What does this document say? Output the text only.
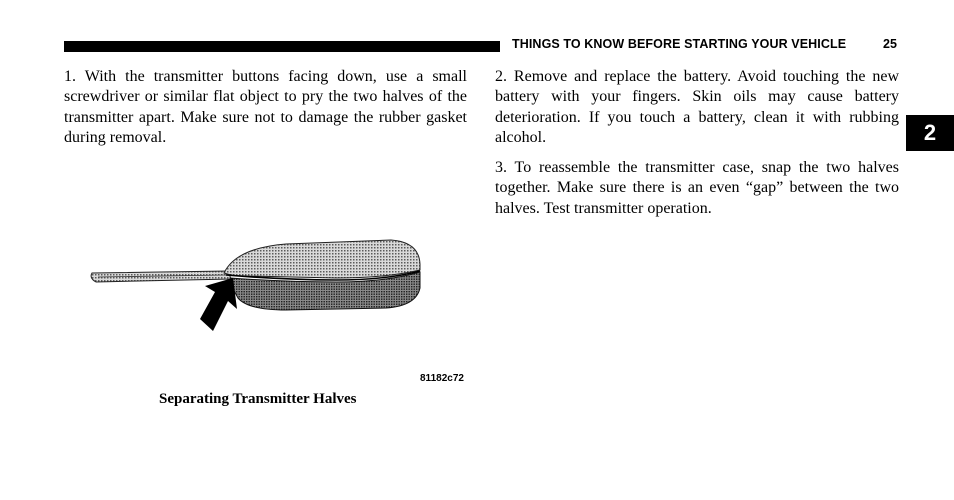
THINGS TO KNOW BEFORE STARTING YOUR VEHICLE	25
2

1. With the transmitter buttons facing down, use a small screwdriver or similar flat object to pry the two halves of the transmitter apart. Make sure not to damage the rubber gasket during removal.

2. Remove and replace the battery. Avoid touching the new battery with your fingers. Skin oils may cause battery deterioration. If you touch a battery, clean it with rubbing alcohol.

3. To reassemble the transmitter case, snap the two halves together. Make sure there is an even “gap” between the two halves. Test transmitter operation.

81182c72
Separating Transmitter Halves
